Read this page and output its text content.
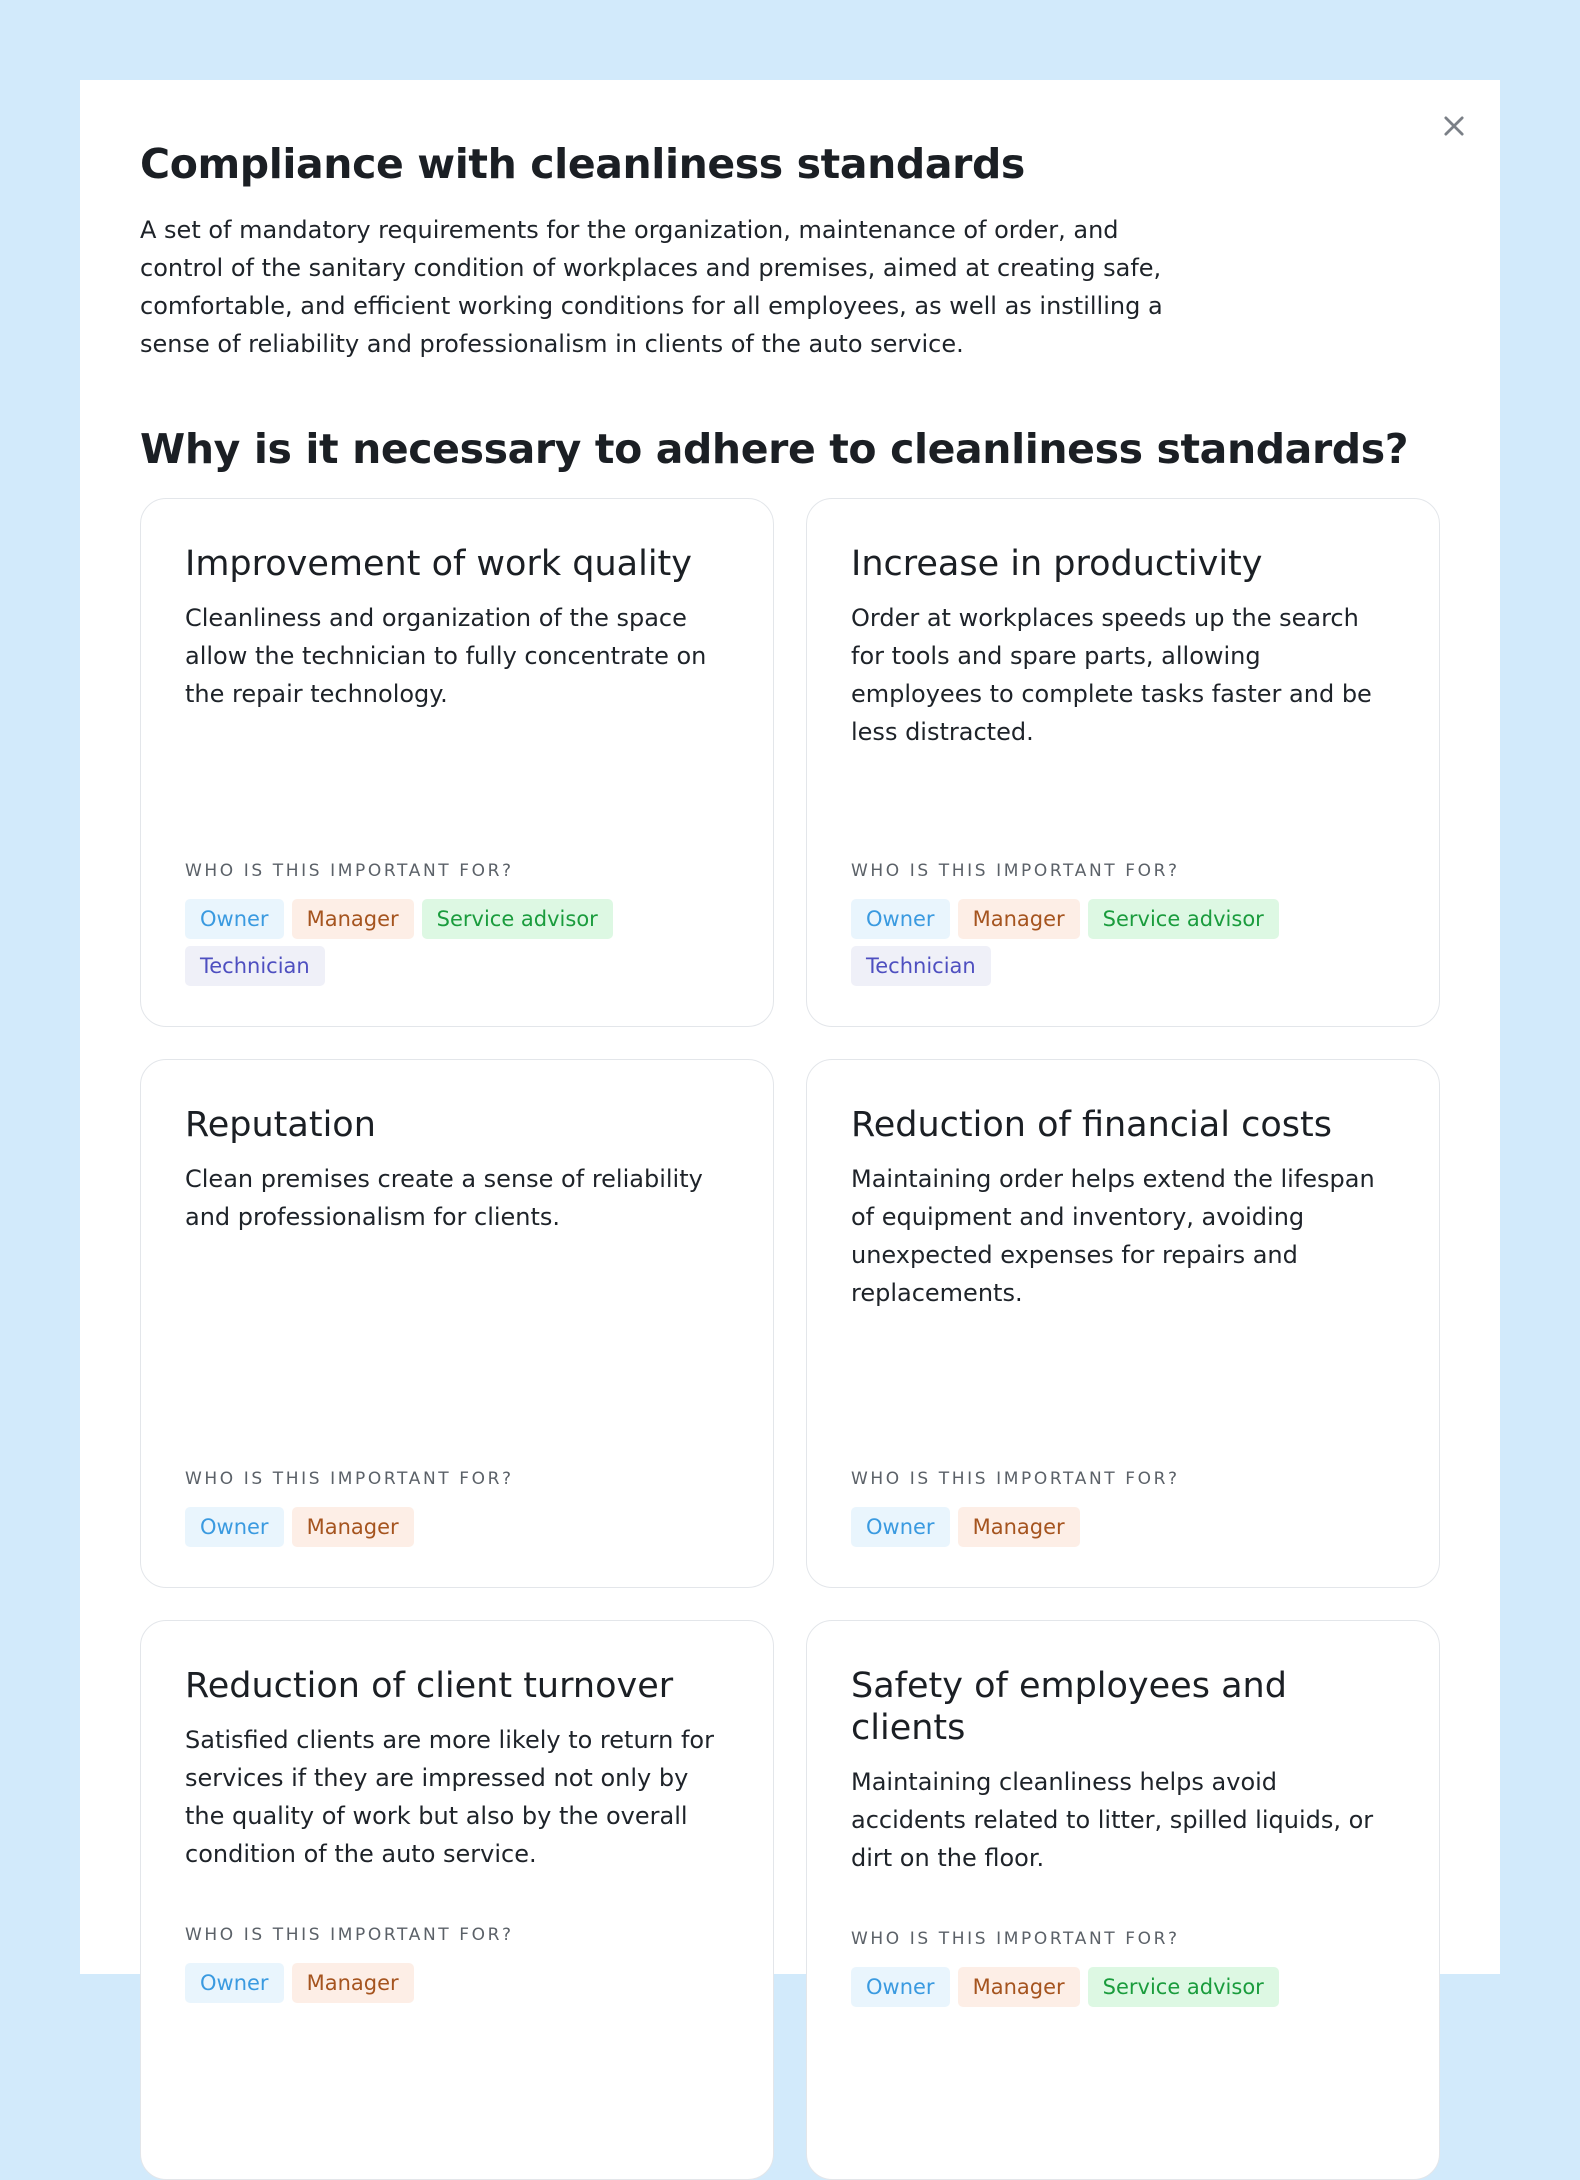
Compliance with cleanliness standards
A set of mandatory requirements for the organization, maintenance of order, and control of the sanitary condition of workplaces and premises, aimed at creating safe, comfortable, and efficient working conditions for all employees, as well as instilling a sense of reliability and professionalism in clients of the auto service.
Why is it necessary to adhere to cleanliness standards?
Improvement of work quality
Cleanliness and organization of the space allow the technician to fully concentrate on the repair technology.
WHO IS THIS IMPORTANT FOR?
Owner	Manager	Service advisor
Technician
Increase in productivity
Order at workplaces speeds up the search for tools and spare parts, allowing employees to complete tasks faster and be less distracted.
WHO IS THIS IMPORTANT FOR?
Owner	Manager	Service advisor
Technician
Reputation
Clean premises create a sense of reliability and professionalism for clients.
WHO IS THIS IMPORTANT FOR?
Owner	Manager
Reduction of financial costs
Maintaining order helps extend the lifespan of equipment and inventory, avoiding unexpected expenses for repairs and replacements.
WHO IS THIS IMPORTANT FOR?
Owner	Manager
Reduction of client turnover
Satisfied clients are more likely to return for services if they are impressed not only by the quality of work but also by the overall condition of the auto service.
WHO IS THIS IMPORTANT FOR?
Owner	Manager
Safety of employees and clients
Maintaining cleanliness helps avoid accidents related to litter, spilled liquids, or dirt on the floor.
WHO IS THIS IMPORTANT FOR?
Owner	Manager	Service advisor
